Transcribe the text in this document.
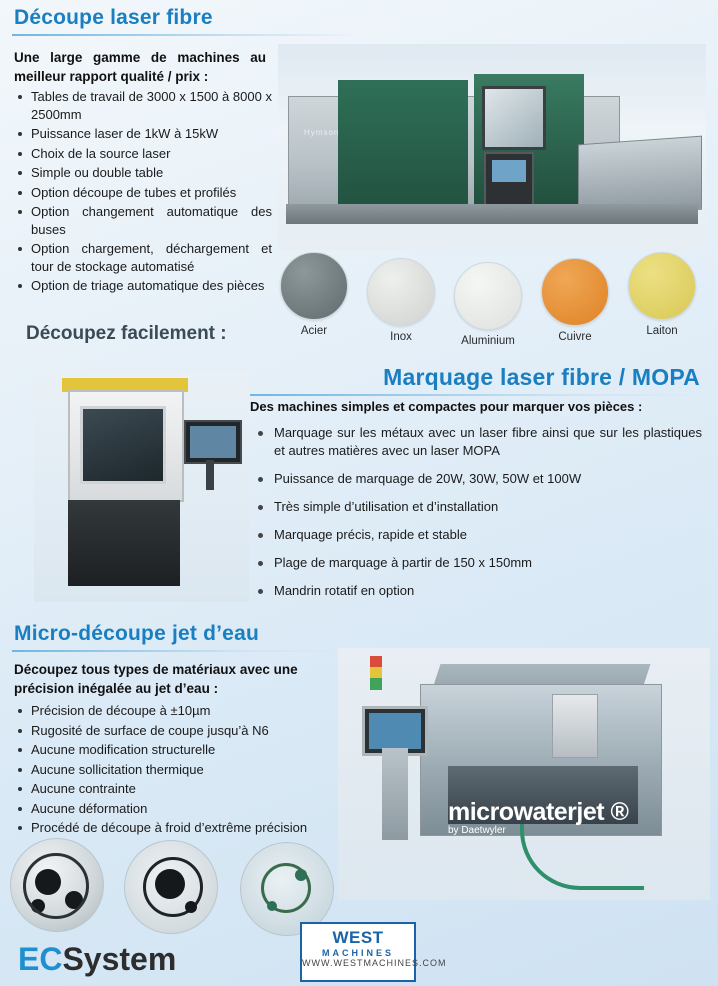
Découpe laser fibre
Une large gamme de machines au meilleur rapport qualité / prix :
Tables de travail de 3000 x 1500 à 8000 x 2500mm
Puissance laser de 1kW à 15kW
Choix de la source laser
Simple ou double table
Option découpe de tubes et profilés
Option changement automatique des buses
Option chargement, déchargement et tour de stockage automatisé
Option de triage automatique des pièces
Hymson
Acier	Inox	Aluminium	Cuivre	Laiton
Découpez facilement :
Marquage laser fibre / MOPA
Des machines simples et compactes pour marquer vos pièces :
Marquage sur les métaux avec un laser fibre ainsi que sur les plastiques et autres matières avec un laser MOPA
Puissance de marquage de 20W, 30W, 50W et 100W
Très simple d’utilisation et d’installation
Marquage précis, rapide et stable
Plage de marquage à partir de 150 x 150mm
Mandrin rotatif en option
Micro-découpe jet d’eau
Découpez tous types de matériaux avec une précision inégalée au jet d’eau :
Précision de découpe à ±10µm
Rugosité de surface de coupe jusqu’à N6
Aucune modification structurelle
Aucune sollicitation thermique
Aucune contrainte
Aucune déformation
Procédé de découpe à froid d’extrême précision
microwaterjet ®
by Daetwyler
ECSystem
WEST
MACHINES
WWW.WESTMACHINES.COM
